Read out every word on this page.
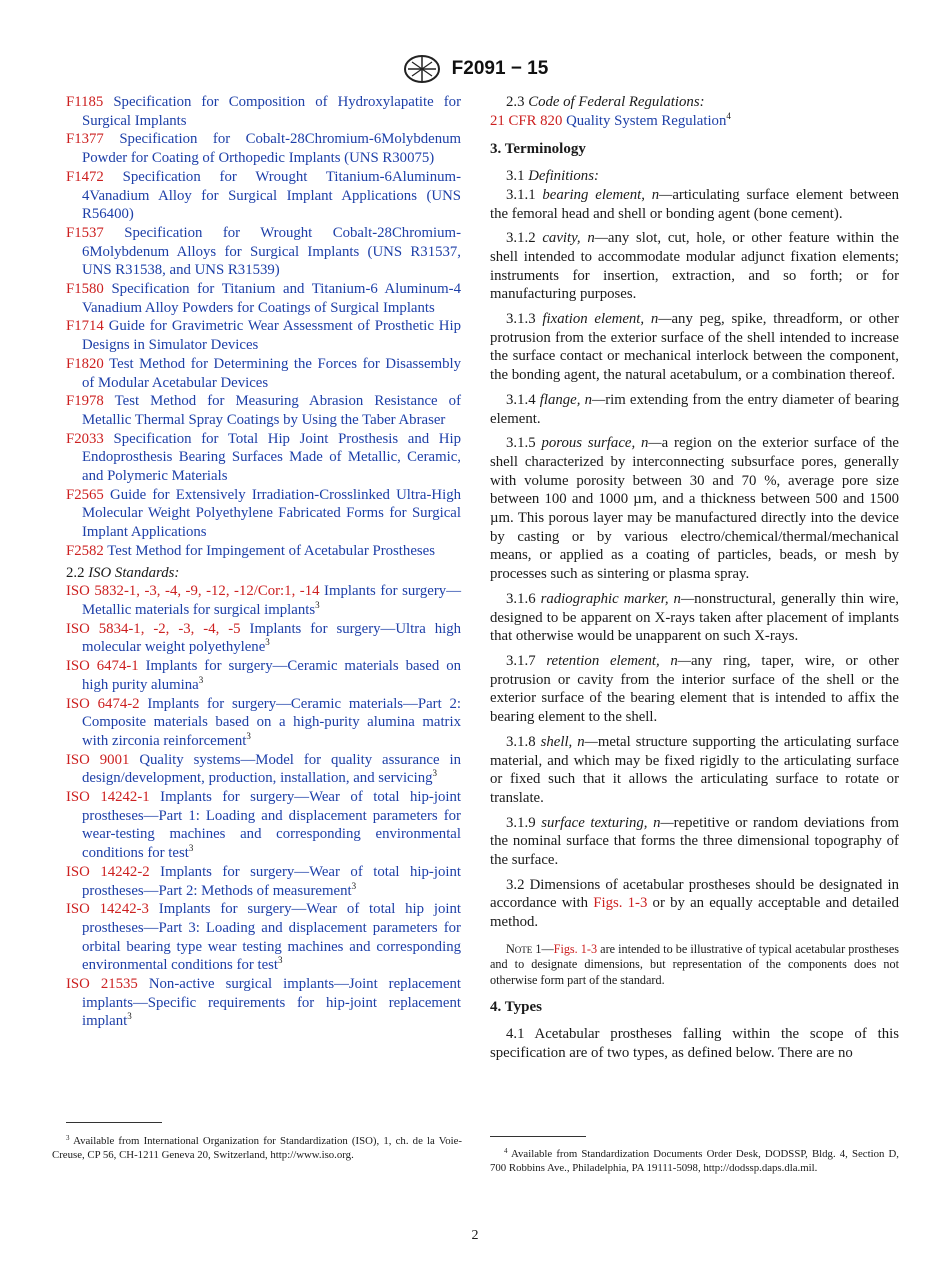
F2091 − 15

F1185 Specification for Composition of Hydroxylapatite for Surgical Implants

F1377 Specification for Cobalt-28Chromium-6Molybdenum Powder for Coating of Orthopedic Implants (UNS R30075)

F1472 Specification for Wrought Titanium-6Aluminum-4Vanadium Alloy for Surgical Implant Applications (UNS R56400)

F1537 Specification for Wrought Cobalt-28Chromium-6Molybdenum Alloys for Surgical Implants (UNS R31537, UNS R31538, and UNS R31539)

F1580 Specification for Titanium and Titanium-6 Aluminum-4 Vanadium Alloy Powders for Coatings of Surgical Implants

F1714 Guide for Gravimetric Wear Assessment of Prosthetic Hip Designs in Simulator Devices

F1820 Test Method for Determining the Forces for Disassembly of Modular Acetabular Devices

F1978 Test Method for Measuring Abrasion Resistance of Metallic Thermal Spray Coatings by Using the Taber Abraser

F2033 Specification for Total Hip Joint Prosthesis and Hip Endoprosthesis Bearing Surfaces Made of Metallic, Ceramic, and Polymeric Materials

F2565 Guide for Extensively Irradiation-Crosslinked Ultra-High Molecular Weight Polyethylene Fabricated Forms for Surgical Implant Applications

F2582 Test Method for Impingement of Acetabular Prostheses

2.2 ISO Standards:

ISO 5832-1, -3, -4, -9, -12, -12/Cor:1, -14 Implants for surgery—Metallic materials for surgical implants$^3$

ISO 5834-1, -2, -3, -4, -5 Implants for surgery—Ultra high molecular weight polyethylene$^3$

ISO 6474-1 Implants for surgery—Ceramic materials based on high purity alumina$^3$

ISO 6474-2 Implants for surgery—Ceramic materials—Part 2: Composite materials based on a high-purity alumina matrix with zirconia reinforcement$^3$

ISO 9001 Quality systems—Model for quality assurance in design/development, production, installation, and servicing$^3$

ISO 14242-1 Implants for surgery—Wear of total hip-joint prostheses—Part 1: Loading and displacement parameters for wear-testing machines and corresponding environmental conditions for test$^3$

ISO 14242-2 Implants for surgery—Wear of total hip-joint prostheses—Part 2: Methods of measurement$^3$

ISO 14242-3 Implants for surgery—Wear of total hip joint prostheses—Part 3: Loading and displacement parameters for orbital bearing type wear testing machines and corresponding environmental conditions for test$^3$

ISO 21535 Non-active surgical implants—Joint replacement implants—Specific requirements for hip-joint replacement implant$^3$

$^3$ Available from International Organization for Standardization (ISO), 1, ch. de la Voie-Creuse, CP 56, CH-1211 Geneva 20, Switzerland, http://www.iso.org.

2.3 Code of Federal Regulations:

21 CFR 820 Quality System Regulation$^4$

3. Terminology

3.1 Definitions:

3.1.1 bearing element, n—articulating surface element between the femoral head and shell or bonding agent (bone cement).

3.1.2 cavity, n—any slot, cut, hole, or other feature within the shell intended to accommodate modular adjunct fixation elements; instruments for insertion, extraction, and so forth; or for manufacturing purposes.

3.1.3 fixation element, n—any peg, spike, threadform, or other protrusion from the exterior surface of the shell intended to increase the surface contact or mechanical interlock between the component, the bonding agent, the natural acetabulum, or a combination thereof.

3.1.4 flange, n—rim extending from the entry diameter of bearing element.

3.1.5 porous surface, n—a region on the exterior surface of the shell characterized by interconnecting subsurface pores, generally with volume porosity between 30 and 70 %, average pore size between 100 and 1000 µm, and a thickness between 500 and 1500 µm. This porous layer may be manufactured directly into the device by casting or by various electro/chemical/thermal/mechanical means, or applied as a coating of particles, beads, or mesh by processes such as sintering or plasma spray.

3.1.6 radiographic marker, n—nonstructural, generally thin wire, designed to be apparent on X-rays taken after placement of implants that otherwise would be unapparent on such X-rays.

3.1.7 retention element, n—any ring, taper, wire, or other protrusion or cavity from the interior surface of the shell or the exterior surface of the bearing element that is intended to affix the bearing element to the shell.

3.1.8 shell, n—metal structure supporting the articulating surface material, and which may be fixed rigidly to the articulating surface or fixed such that it allows the articulating surface to rotate or translate.

3.1.9 surface texturing, n—repetitive or random deviations from the nominal surface that forms the three dimensional topography of the surface.

3.2 Dimensions of acetabular prostheses should be designated in accordance with Figs. 1-3 or by an equally acceptable and detailed method.

Note 1—Figs. 1-3 are intended to be illustrative of typical acetabular prostheses and to designate dimensions, but representation of the components does not otherwise form part of the standard.

4. Types

4.1 Acetabular prostheses falling within the scope of this specification are of two types, as defined below. There are no

$^4$ Available from Standardization Documents Order Desk, DODSSP, Bldg. 4, Section D, 700 Robbins Ave., Philadelphia, PA 19111-5098, http://dodssp.daps.dla.mil.
2
